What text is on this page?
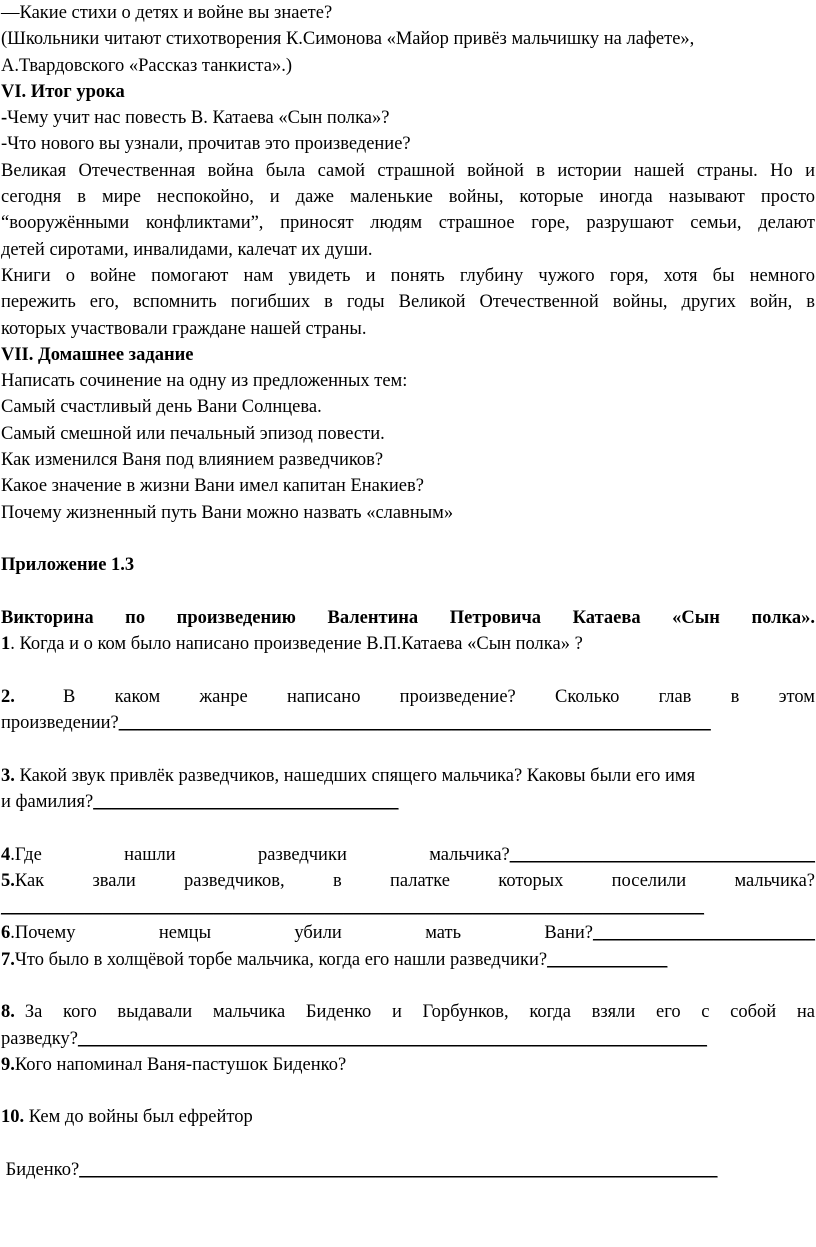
—Какие стихи о детях и войне вы знаете?
(Школьники читают стихотворения К.Симонова «Майор привёз мальчишку на лафете»,
А.Твардовского «Рассказ танкиста».)
VI. Итог урока
-Чему учит нас повесть В. Катаева «Сын полка»?
-Что нового вы узнали, прочитав это произведение?
Великая Отечественная война была самой страшной войной в истории нашей страны. Но и
сегодня в мире неспокойно, и даже маленькие войны, которые иногда называют просто
“вооружёнными конфликтами”, приносят людям страшное горе, разрушают семьи, делают
детей сиротами, инвалидами, калечат их души.
Книги о войне помогают нам увидеть и понять глубину чужого горя, хотя бы немного
пережить его, вспомнить погибших в годы Великой Отечественной войны, других войн, в
которых участвовали граждане нашей страны.
VII. Домашнее задание
Написать сочинение на одну из предложенных тем:
Самый счастливый день Вани Солнцева.
Самый смешной или печальный эпизод повести.
Как изменился Ваня под влиянием разведчиков?
Какое значение в жизни Вани имел капитан Енакиев?
Почему жизненный путь Вани можно назвать «славным»
Приложение 1.3
Викторина по произведению Валентина Петровича Катаева «Сын полка».
1. Когда и о ком было написано произведение В.П.Катаева «Сын полка» ?
2.	В каком жанре написано произведение? Сколько глав в этом
произведении?________________________________________________________________
3. Какой звук привлёк разведчиков, нашедших спящего мальчика? Каковы были его имя
и фамилия?_________________________________
4 .Где нашли разведчики мальчика? _________________________________
5. Как звали разведчиков, в палатке которых поселили мальчика?
____________________________________________________________________________
6 .Почему немцы убили мать Вани? ________________________
7.Что было в холщёвой торбе мальчика, когда его нашли разведчики?_____________
8. За кого выдавали мальчика Биденко и Горбунков, когда взяли его с собой на
разведку?____________________________________________________________________
9.Кого напоминал Ваня-пастушок Биденко?
10. Кем до войны был ефрейтор
Биденко?_____________________________________________________________________
